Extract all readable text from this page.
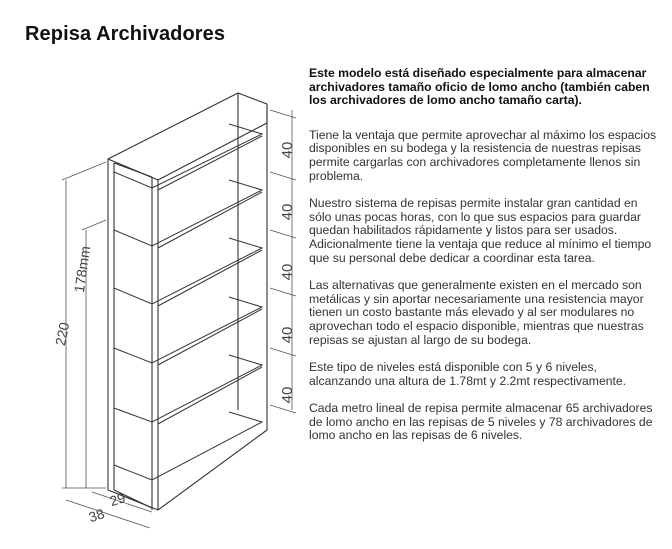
Repisa Archivadores
40
40
40
40
40
220
178mm
29
38

Este modelo está diseñado especialmente para almacenar archivadores tamaño oficio de lomo ancho (también caben los archivadores de lomo ancho tamaño carta).

Tiene la ventaja que permite aprovechar al máximo los espacios disponibles en su bodega y la resistencia de nuestras repisas permite cargarlas con archivadores completamente llenos sin problema.

Nuestro sistema de repisas permite instalar gran cantidad en sólo unas pocas horas, con lo que sus espacios para guardar quedan habilitados rápidamente y listos para ser usados. Adicionalmente tiene la ventaja que reduce al mínimo el tiempo que su personal debe dedicar a coordinar esta tarea.

Las alternativas que generalmente existen en el mercado son metálicas y sin aportar necesariamente una resistencia mayor tienen un costo bastante más elevado y al ser modulares no aprovechan todo el espacio disponible, mientras que nuestras repisas se ajustan al largo de su bodega.

Este tipo de niveles está disponible con 5 y 6 niveles, alcanzando una altura de 1.78mt y 2.2mt respectivamente.

Cada metro lineal de repisa permite almacenar 65 archivadores de lomo ancho en las repisas de 5 niveles y 78 archivadores de lomo ancho en las repisas de 6 niveles.
